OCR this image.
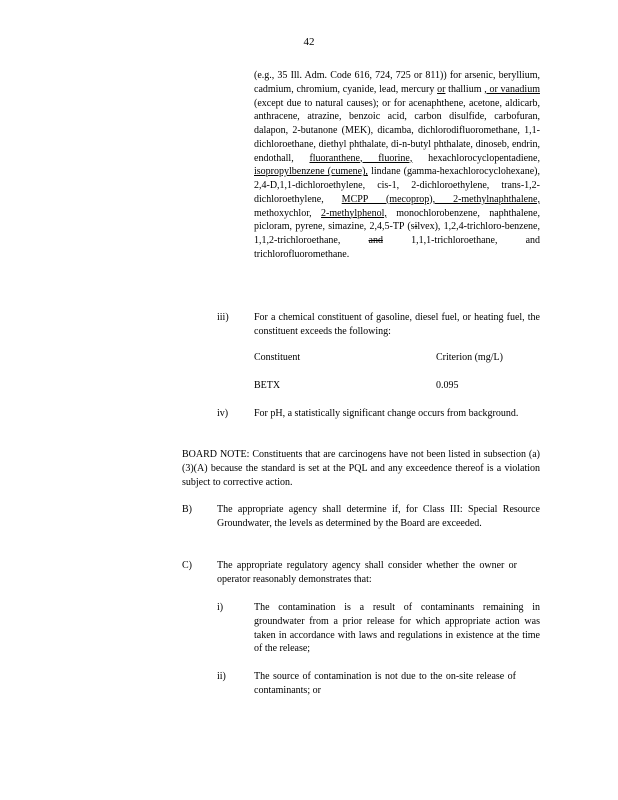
42
(e.g., 35 Ill. Adm. Code 616, 724, 725 or 811)) for arsenic, beryllium, cadmium, chromium, cyanide, lead, mercury or thallium , or vanadium (except due to natural causes); or for acenaphthene, acetone, aldicarb, anthracene, atrazine, benzoic acid, carbon disulfide, carbofuran, dalapon, 2-butanone (MEK), dicamba, dichlorodifluoromethane, 1,1-dichloroethane, diethyl phthalate, di-n-butyl phthalate, dinoseb, endrin, endothall, fluoranthene, fluorine, hexachlorocyclopentadiene, isopropylbenzene (cumene), lindane (gamma-hexachlorocyclohexane), 2,4-D,1,1-dichloroethylene, cis-1, 2-dichloroethylene, trans-1,2-dichloroethylene, MCPP (mecoprop), 2-methylnaphthalene, methoxychlor, 2-methylphenol, monochlorobenzene, naphthalene, picloram, pyrene, simazine, 2,4,5-TP (silvex), 1,2,4-trichloro-benzene, 1,1,2-trichloroethane, and 1,1,1-trichloroethane, and trichlorofluoromethane.
iii)	For a chemical constituent of gasoline, diesel fuel, or heating fuel, the constituent exceeds the following:
Constituent	Criterion (mg/L)
BETX	0.095
iv)	For pH, a statistically significant change occurs from background.
BOARD NOTE: Constituents that are carcinogens have not been listed in subsection (a)(3)(A) because the standard is set at the PQL and any exceedence thereof is a violation subject to corrective action.
B)	The appropriate agency shall determine if, for Class III: Special Resource Groundwater, the levels as determined by the Board are exceeded.
C)	The appropriate regulatory agency shall consider whether the owner or operator reasonably demonstrates that:
i)	The contamination is a result of contaminants remaining in groundwater from a prior release for which appropriate action was taken in accordance with laws and regulations in existence at the time of the release;
ii)	The source of contamination is not due to the on-site release of contaminants; or
